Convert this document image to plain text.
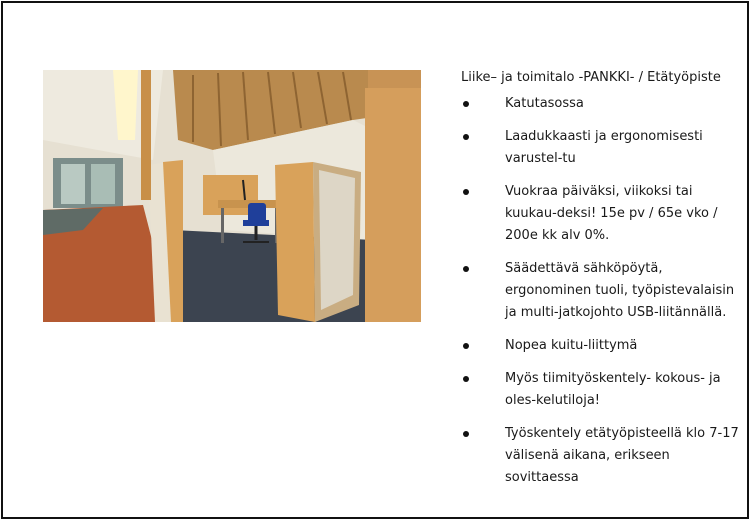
Liike– ja toimitalo -PANKKI- / Etätyöpiste
Katutasossa
Laadukkaasti ja ergonomisesti varustel-tu
Vuokraa päiväksi, viikoksi tai kuukau-deksi! 15e pv / 65e vko / 200e kk alv 0%.
Säädettävä sähköpöytä, ergonominen tuoli, työpistevalaisin ja multi-jatkojohto USB-liitännällä.
Nopea kuitu-liittymä
Myös tiimityöskentely- kokous- ja oles-kelutiloja!
Työskentely etätyöpisteellä klo 7-17 välisenä aikana, erikseen sovittaessa
